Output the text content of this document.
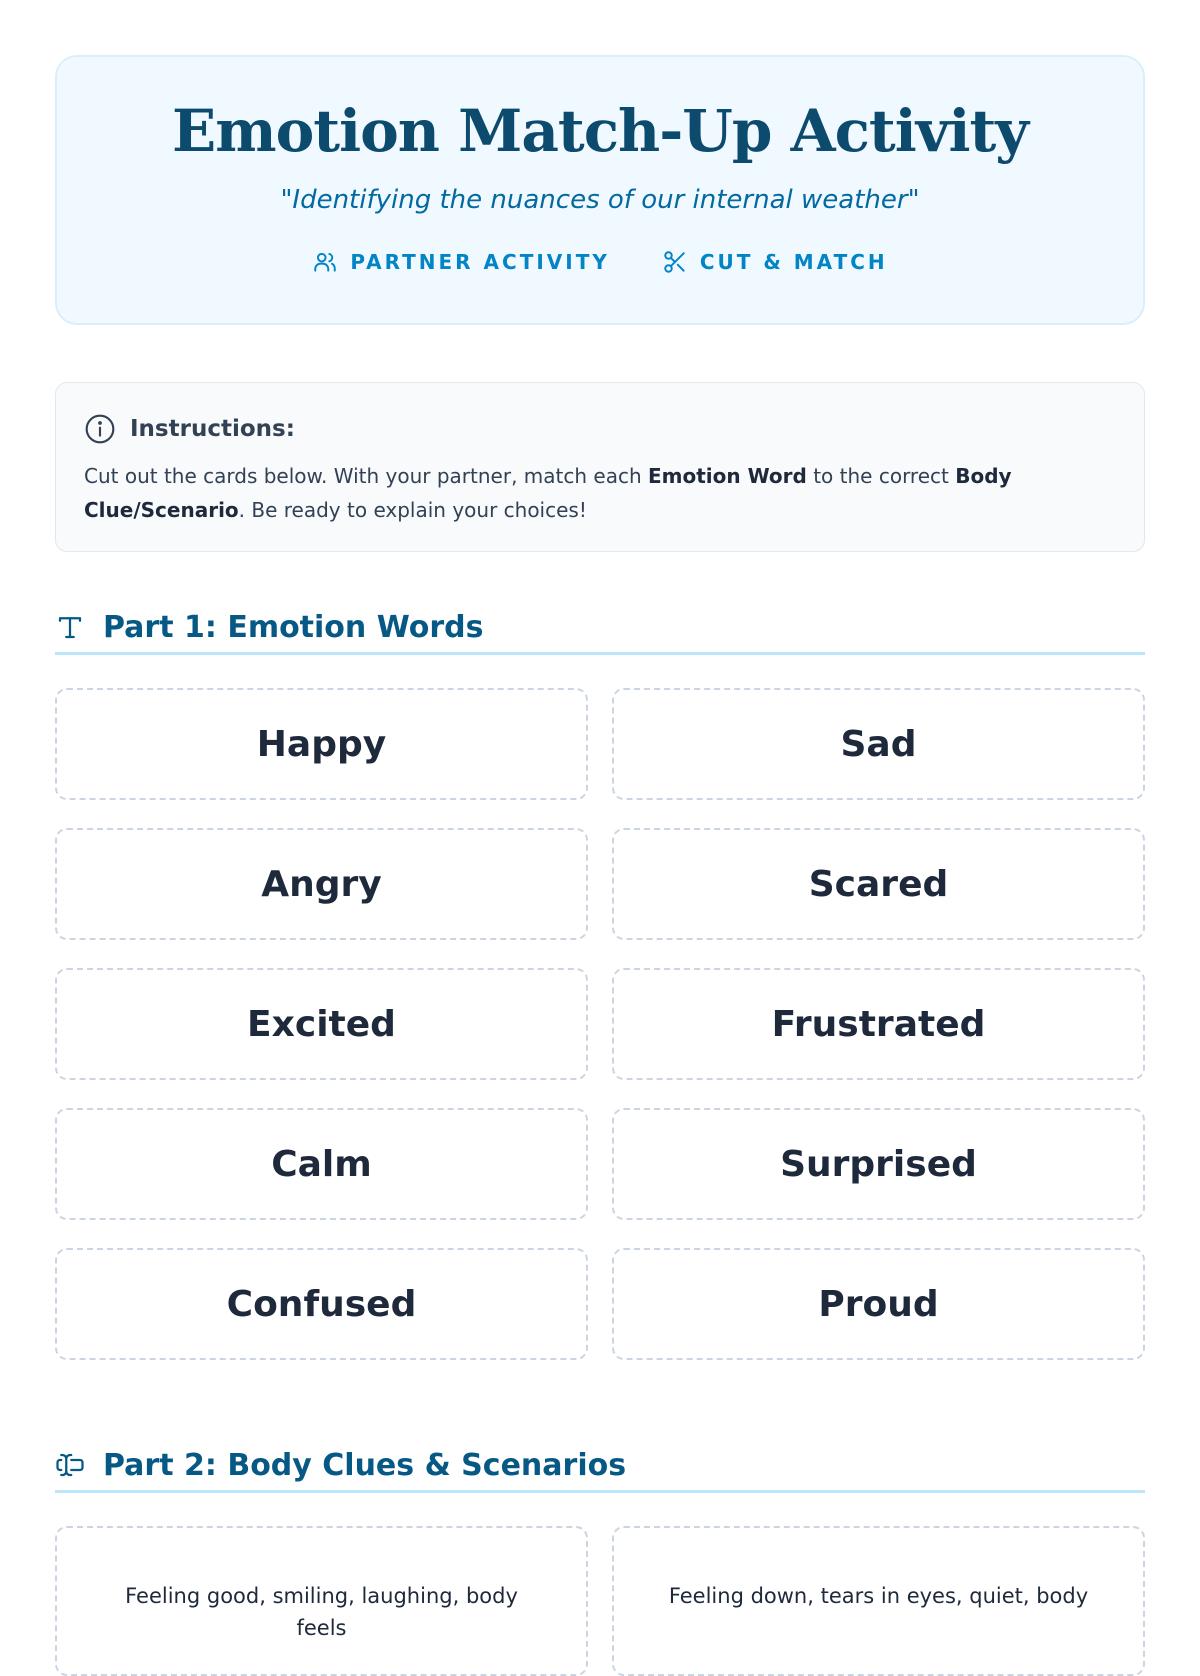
Emotion Match-Up Activity
"Identifying the nuances of our internal weather"
PARTNER ACTIVITY	CUT & MATCH
Instructions:
Cut out the cards below. With your partner, match each Emotion Word to the correct Body Clue/Scenario. Be ready to explain your choices!
Part 1: Emotion Words
Happy	Sad
Angry	Scared
Excited	Frustrated
Calm	Surprised
Confused	Proud
Part 2: Body Clues & Scenarios
Feeling good, smiling, laughing, body feels
Feeling down, tears in eyes, quiet, body
